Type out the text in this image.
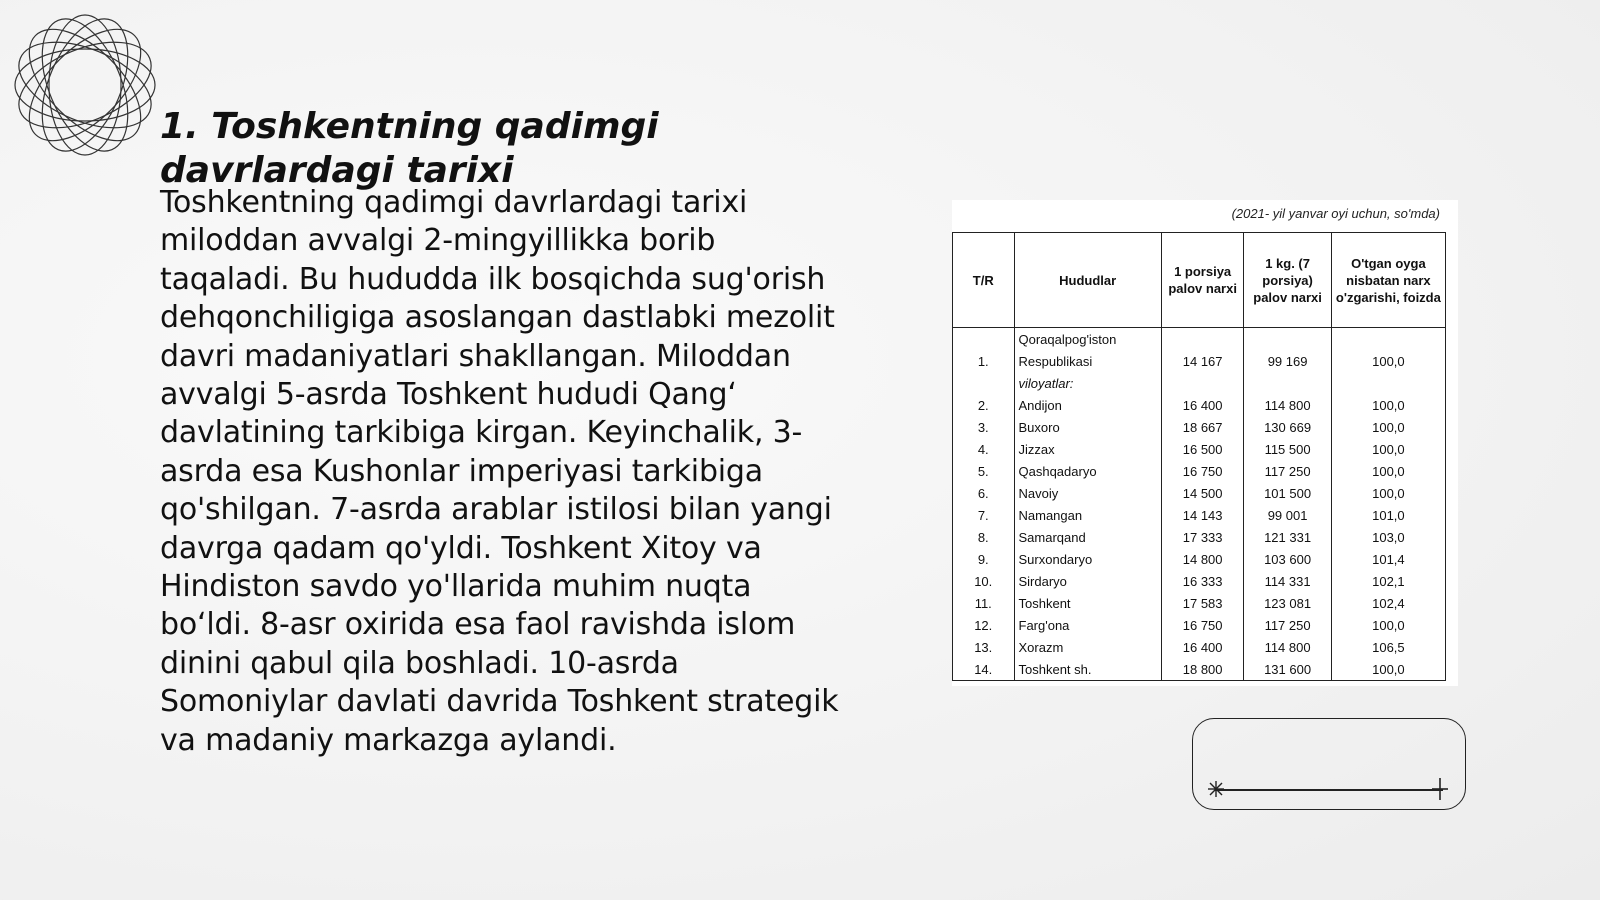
1. Toshkentning qadimgi davrlardagi tarixi

Toshkentning qadimgi davrlardagi tarixi miloddan avvalgi 2-mingyillikka borib taqaladi. Bu hududda ilk bosqichda sug'orish dehqonchiligiga asoslangan dastlabki mezolit davri madaniyatlari shakllangan. Miloddan avvalgi 5-asrda Toshkent hududi Qangʻ davlatining tarkibiga kirgan. Keyinchalik, 3-asrda esa Kushonlar imperiyasi tarkibiga qo'shilgan. 7-asrda arablar istilosi bilan yangi davrga qadam qo'yldi. Toshkent Xitoy va Hindiston savdo yo'llarida muhim nuqta boʻldi. 8-asr oxirida esa faol ravishda islom dinini qabul qila boshladi. 10-asrda Somoniylar davlati davrida Toshkent strategik va madaniy markazga aylandi.

(2021- yil yanvar oyi uchun, so'mda)
T/R	Hududlar	1 porsiya palov narxi	1 kg. (7 porsiya) palov narxi	O'tgan oyga nisbatan narx o'zgarishi, foizda
	Qoraqalpog'iston			
1.	Respublikasi	14 167	99 169	100,0
	viloyatlar:			
2.	Andijon	16 400	114 800	100,0
3.	Buxoro	18 667	130 669	100,0
4.	Jizzax	16 500	115 500	100,0
5.	Qashqadaryo	16 750	117 250	100,0
6.	Navoiy	14 500	101 500	100,0
7.	Namangan	14 143	99 001	101,0
8.	Samarqand	17 333	121 331	103,0
9.	Surxondaryo	14 800	103 600	101,4
10.	Sirdaryo	16 333	114 331	102,1
11.	Toshkent	17 583	123 081	102,4
12.	Farg'ona	16 750	117 250	100,0
13.	Xorazm	16 400	114 800	106,5
14.	Toshkent sh.	18 800	131 600	100,0
